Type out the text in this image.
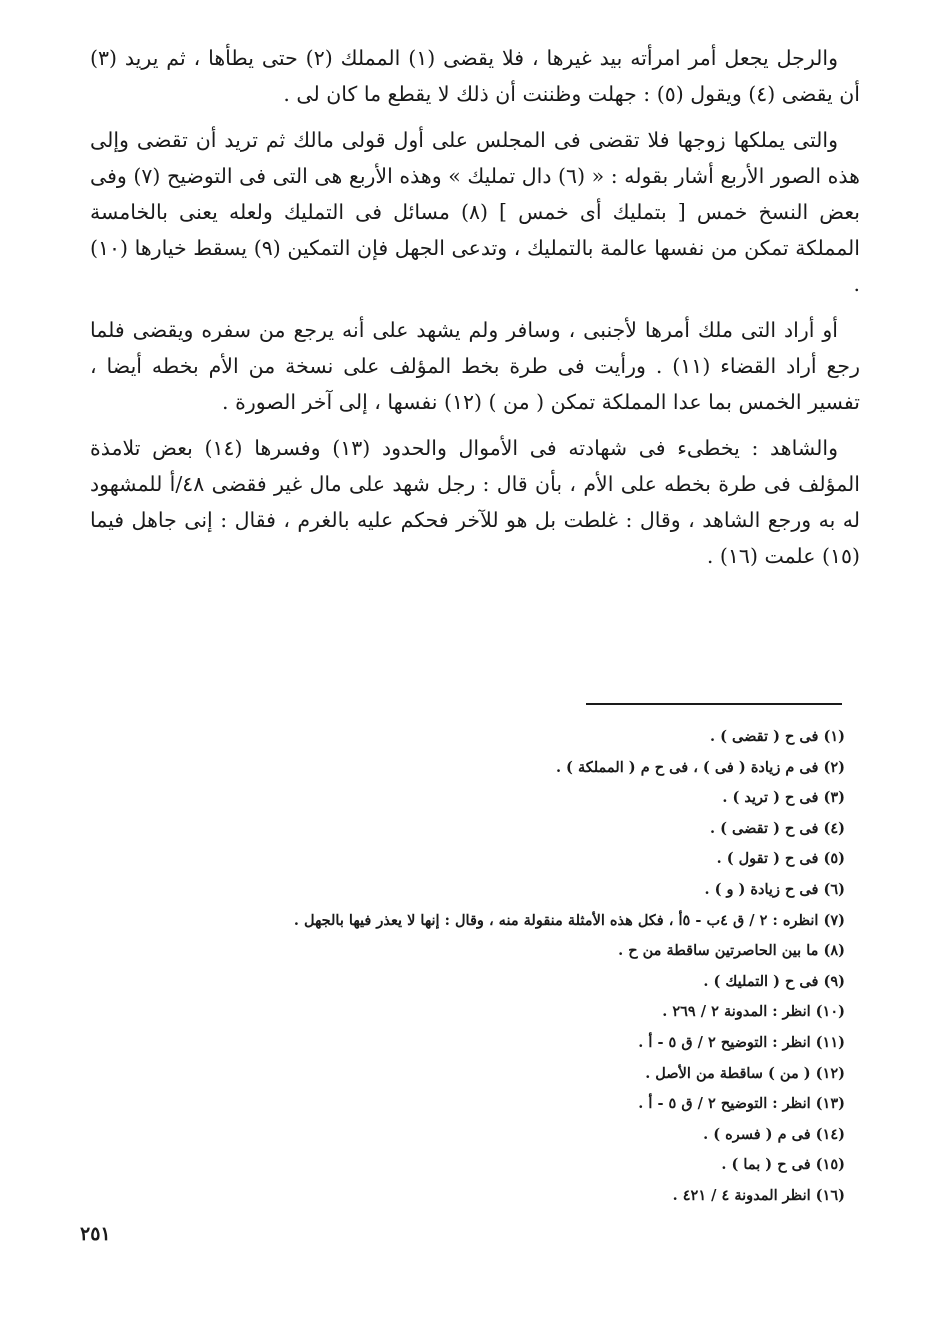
والرجل يجعل أمر امرأته بيد غيرها ، فلا يقضى (١) المملك (٢) حتى يطأها ، ثم يريد (٣) أن يقضى (٤) ويقول (٥) : جهلت وظننت أن ذلك لا يقطع ما كان لى .

والتى يملكها زوجها فلا تقضى فى المجلس على أول قولى مالك ثم تريد أن تقضى وإلى هذه الصور الأربع أشار بقوله : « (٦) دال تمليك » وهذه الأربع هى التى فى التوضيح (٧) وفى بعض النسخ خمس [ بتمليك أى خمس ] (٨) مسائل فى التمليك ولعله يعنى بالخامسة المملكة تمكن من نفسها عالمة بالتمليك ، وتدعى الجهل فإن التمكين (٩) يسقط خيارها (١٠) .

أو أراد التى ملك أمرها لأجنبى ، وسافر ولم يشهد على أنه يرجع من سفره ويقضى فلما رجع أراد القضاء (١١) . ورأيت فى طرة بخط المؤلف على نسخة من الأم بخطه أيضا ، تفسير الخمس بما عدا المملكة تمكن ( من ) (١٢) نفسها ، إلى آخر الصورة .

والشاهد : يخطىء فى شهادته فى الأموال والحدود (١٣) وفسرها (١٤) بعض تلامذة المؤلف فى طرة بخطه على الأم ، بأن قال : رجل شهد على مال غير فقضى ٤٨/أ للمشهود له به ورجع الشاهد ، وقال : غلطت بل هو للآخر فحكم عليه بالغرم ، فقال : إنى جاهل فيما (١٥) علمت (١٦) .

(١) فى ح ( تقضى ) .
(٢) فى م زيادة ( فى ) ، فى ح م ( المملكة ) .
(٣) فى ح ( تريد ) .
(٤) فى ح ( تقضى ) .
(٥) فى ح ( تقول ) .
(٦) فى ح زيادة ( و ) .
(٧) انظره : ٢ / ق ٤ب - ٥أ ، فكل هذه الأمثلة منقولة منه ، وقال : إنها لا يعذر فيها بالجهل .
(٨) ما بين الحاصرتين ساقطة من ح .
(٩) فى ح ( التمليك ) .
(١٠) انظر : المدونة ٢ / ٢٦٩ .
(١١) انظر : التوضيح ٢ / ق ٥ - أ .
(١٢) ( من ) ساقطة من الأصل .
(١٣) انظر : التوضيح ٢ / ق ٥ - أ .
(١٤) فى م ( فسره ) .
(١٥) فى ح ( بما ) .
(١٦) انظر المدونة ٤ / ٤٢١ .
٢٥١
